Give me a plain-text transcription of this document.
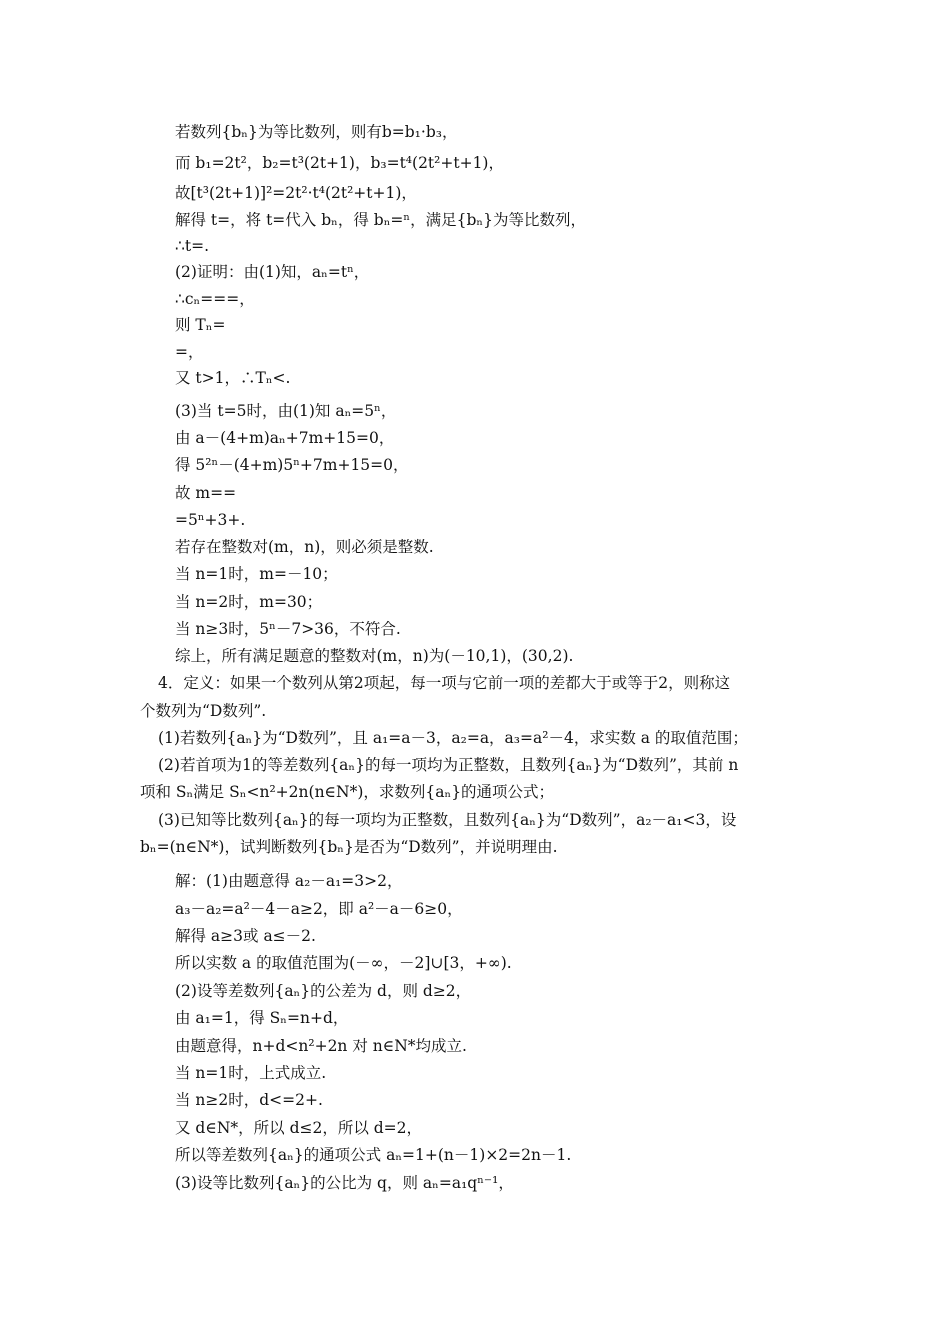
若数列{bₙ}为等比数列，则有b=b₁·b₃，
而 b₁=2t²，b₂=t³(2t+1)，b₃=t⁴(2t²+t+1)，
故[t³(2t+1)]²=2t²·t⁴(2t²+t+1)，
解得 t=，将 t=代入 bₙ，得 bₙ=ⁿ，满足{bₙ}为等比数列，
∴t=.
(2)证明：由(1)知，aₙ=tⁿ，
∴cₙ===，
则 Tₙ=
=，
又 t>1，∴Tₙ<.
(3)当 t=5时，由(1)知 aₙ=5ⁿ，
由 a－(4+m)aₙ+7m+15=0，
得 5²ⁿ－(4+m)5ⁿ+7m+15=0，
故 m==
=5ⁿ+3+.
若存在整数对(m，n)，则必须是整数.
当 n=1时，m=－10；
当 n=2时，m=30；
当 n≥3时，5ⁿ－7>36，不符合.
综上，所有满足题意的整数对(m，n)为(－10,1)，(30,2).
4．定义：如果一个数列从第2项起，每一项与它前一项的差都大于或等于2，则称这
个数列为“D数列”.
(1)若数列{aₙ}为“D数列”，且 a₁=a－3，a₂=a，a₃=a²－4，求实数 a 的取值范围；
(2)若首项为1的等差数列{aₙ}的每一项均为正整数，且数列{aₙ}为“D数列”，其前 n
项和 Sₙ满足 Sₙ<n²+2n(n∈N*)，求数列{aₙ}的通项公式；
(3)已知等比数列{aₙ}的每一项均为正整数，且数列{aₙ}为“D数列”，a₂－a₁<3，设
bₙ=(n∈N*)，试判断数列{bₙ}是否为“D数列”，并说明理由.
解：(1)由题意得 a₂－a₁=3>2，
a₃－a₂=a²－4－a≥2，即 a²－a－6≥0，
解得 a≥3或 a≤－2.
所以实数 a 的取值范围为(－∞，－2]∪[3，+∞).
(2)设等差数列{aₙ}的公差为 d，则 d≥2，
由 a₁=1，得 Sₙ=n+d，
由题意得，n+d<n²+2n 对 n∈N*均成立.
当 n=1时，上式成立.
当 n≥2时，d<=2+.
又 d∈N*，所以 d≤2，所以 d=2，
所以等差数列{aₙ}的通项公式 aₙ=1+(n－1)×2=2n－1.
(3)设等比数列{aₙ}的公比为 q，则 aₙ=a₁qⁿ⁻¹，
